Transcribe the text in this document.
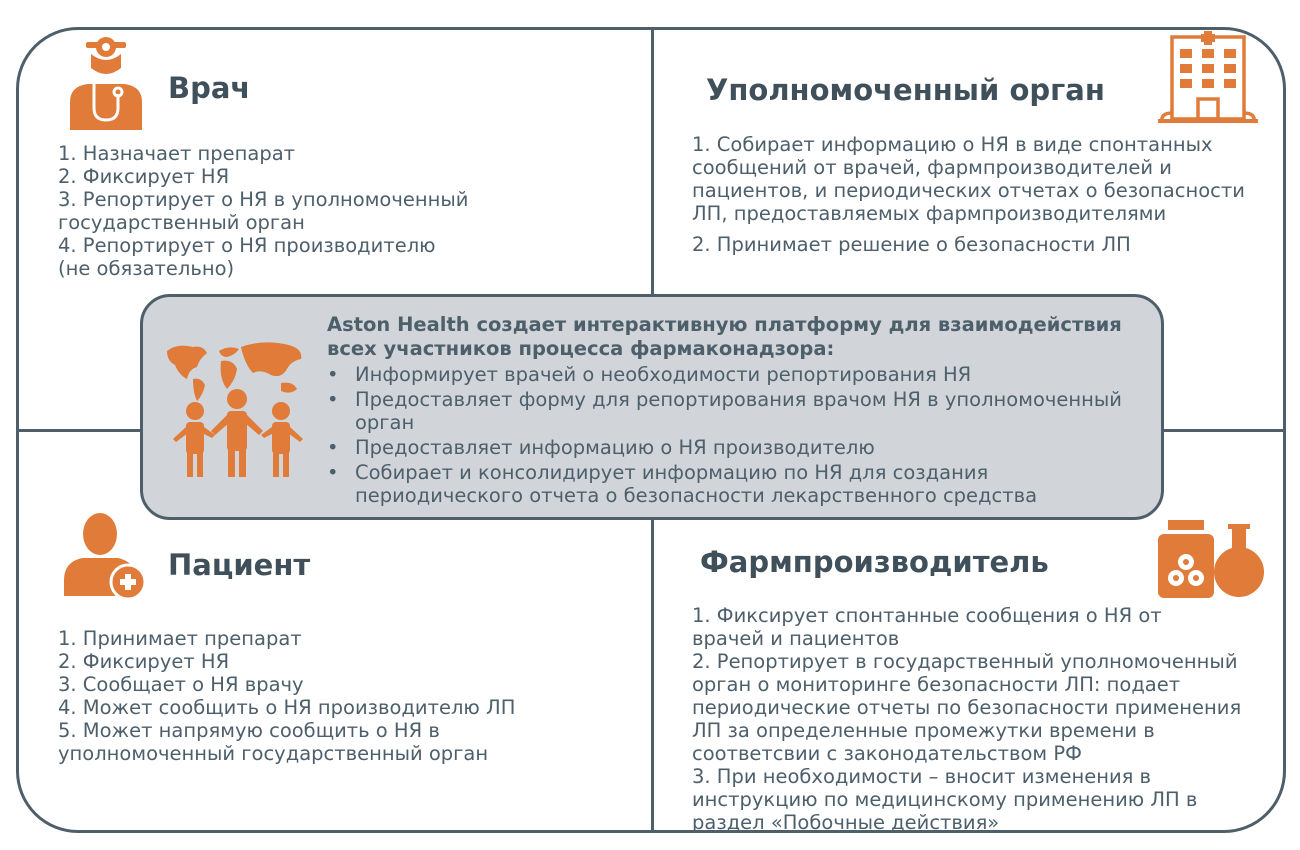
Врач
1. Назначает препарат
2. Фиксирует НЯ
3. Репортирует о НЯ в уполномоченный
государственный орган
4. Репортирует о НЯ производителю
(не обязательно)
Уполномоченный орган
1. Собирает информацию о НЯ в виде спонтанных сообщений от врачей, фармпроизводителей и пациентов, и периодических отчетах о безопасности ЛП, предоставляемых фармпроизводителями
2. Принимает решение о безопасности ЛП
Пациент
1. Принимает препарат
2. Фиксирует НЯ
3. Сообщает о НЯ врачу
4. Может сообщить о НЯ производителю ЛП
5. Может напрямую сообщить о НЯ в
уполномоченный государственный орган
Фармпроизводитель
1. Фиксирует спонтанные сообщения о НЯ от
врачей и пациентов
2. Репортирует в государственный уполномоченный
орган о мониторинге безопасности ЛП: подает
периодические отчеты по безопасности применения
ЛП за определенные промежутки времени в
соответсвии с законодательством РФ
3. При необходимости – вносит изменения в
инструкцию по медицинскому применению ЛП в
раздел «Побочные действия»
Aston Health создает интерактивную платформу для взаимодействия всех участников процесса фармаконадзора:
• Информирует врачей о необходимости репортирования НЯ
• Предоставляет форму для репортирования врачом НЯ в уполномоченный орган
• Предоставляет информацию о НЯ производителю
• Собирает и консолидирует информацию по НЯ для создания периодического отчета о безопасности лекарственного средства
